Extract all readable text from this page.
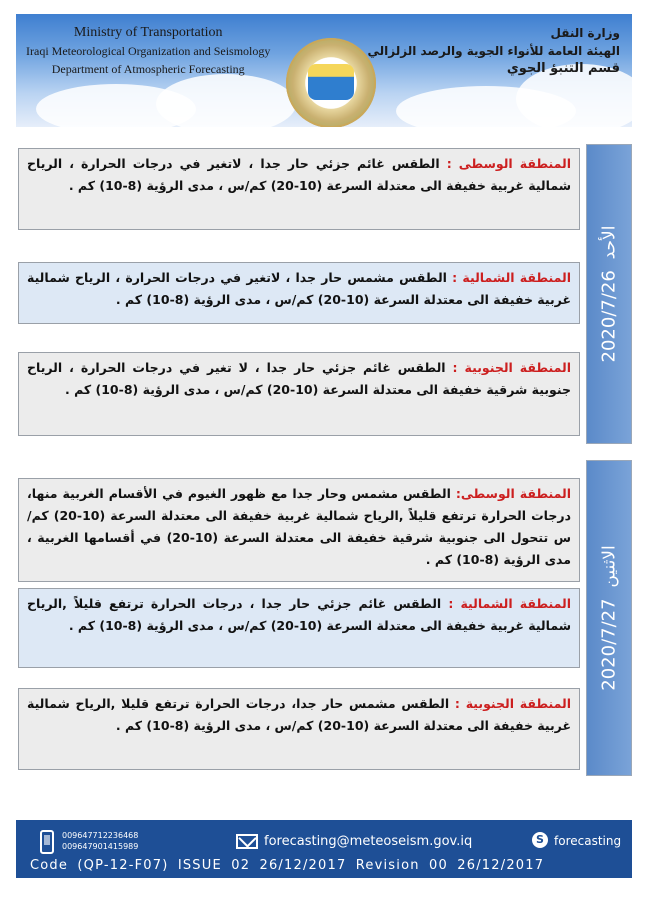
Ministry of Transportation
Iraqi Meteorological Organization and Seismology
Department of Atmospheric Forecasting
وزارة النقل
الهيئة العامة للأنواء الجوية والرصد الزلزالي
قسم التنبؤ الجوي
2020/7/26  الأحد
المنطقة الوسطى : الطقس غائم جزئي حار جدا ، لاتغير في درجات الحرارة ، الرياح شمالية غربية خفيفة الى معتدلة السرعة (10-20) كم/س ، مدى الرؤية (8-10) كم .
المنطقة الشمالية : الطقس مشمس حار جدا ، لاتغير في درجات الحرارة ، الرياح شمالية غربية خفيفة الى معتدلة السرعة (10-20) كم/س ، مدى الرؤية (8-10) كم .
المنطقة الجنوبية : الطقس غائم جزئي حار جدا ، لا تغير في درجات الحرارة ، الرياح جنوبية شرقية خفيفة الى معتدلة السرعة (10-20) كم/س ، مدى الرؤية (8-10) كم .
2020/7/27  الاثنين
المنطقة الوسطى: الطقس مشمس وحار جدا مع ظهور الغيوم في الأقسام الغربية منها، درجات الحرارة ترتفع قليلاً ,الرياح شمالية غربية خفيفة الى معتدلة السرعة (10-20) كم/س تتحول الى جنوبية شرقية خفيفة الى معتدلة السرعة (10-20) في أقسامها الغربية ، مدى الرؤية (8-10) كم .
المنطقة الشمالية : الطقس غائم جزئي حار جدا ، درجات الحرارة ترتفع قليلاً ,الرياح شمالية غربية خفيفة الى معتدلة السرعة (10-20) كم/س ، مدى الرؤية (8-10) كم .
المنطقة الجنوبية : الطقس مشمس حار جدا، درجات الحرارة ترتفع قليلا ,الرياح شمالية غربية خفيفة الى معتدلة السرعة (10-20) كم/س ، مدى الرؤية (8-10) كم .
009647712236468
009647901415989	forecasting@meteoseism.gov.iq	S forecasting
Code (QP-12-F07) ISSUE 02 26/12/2017 Revision 00 26/12/2017
